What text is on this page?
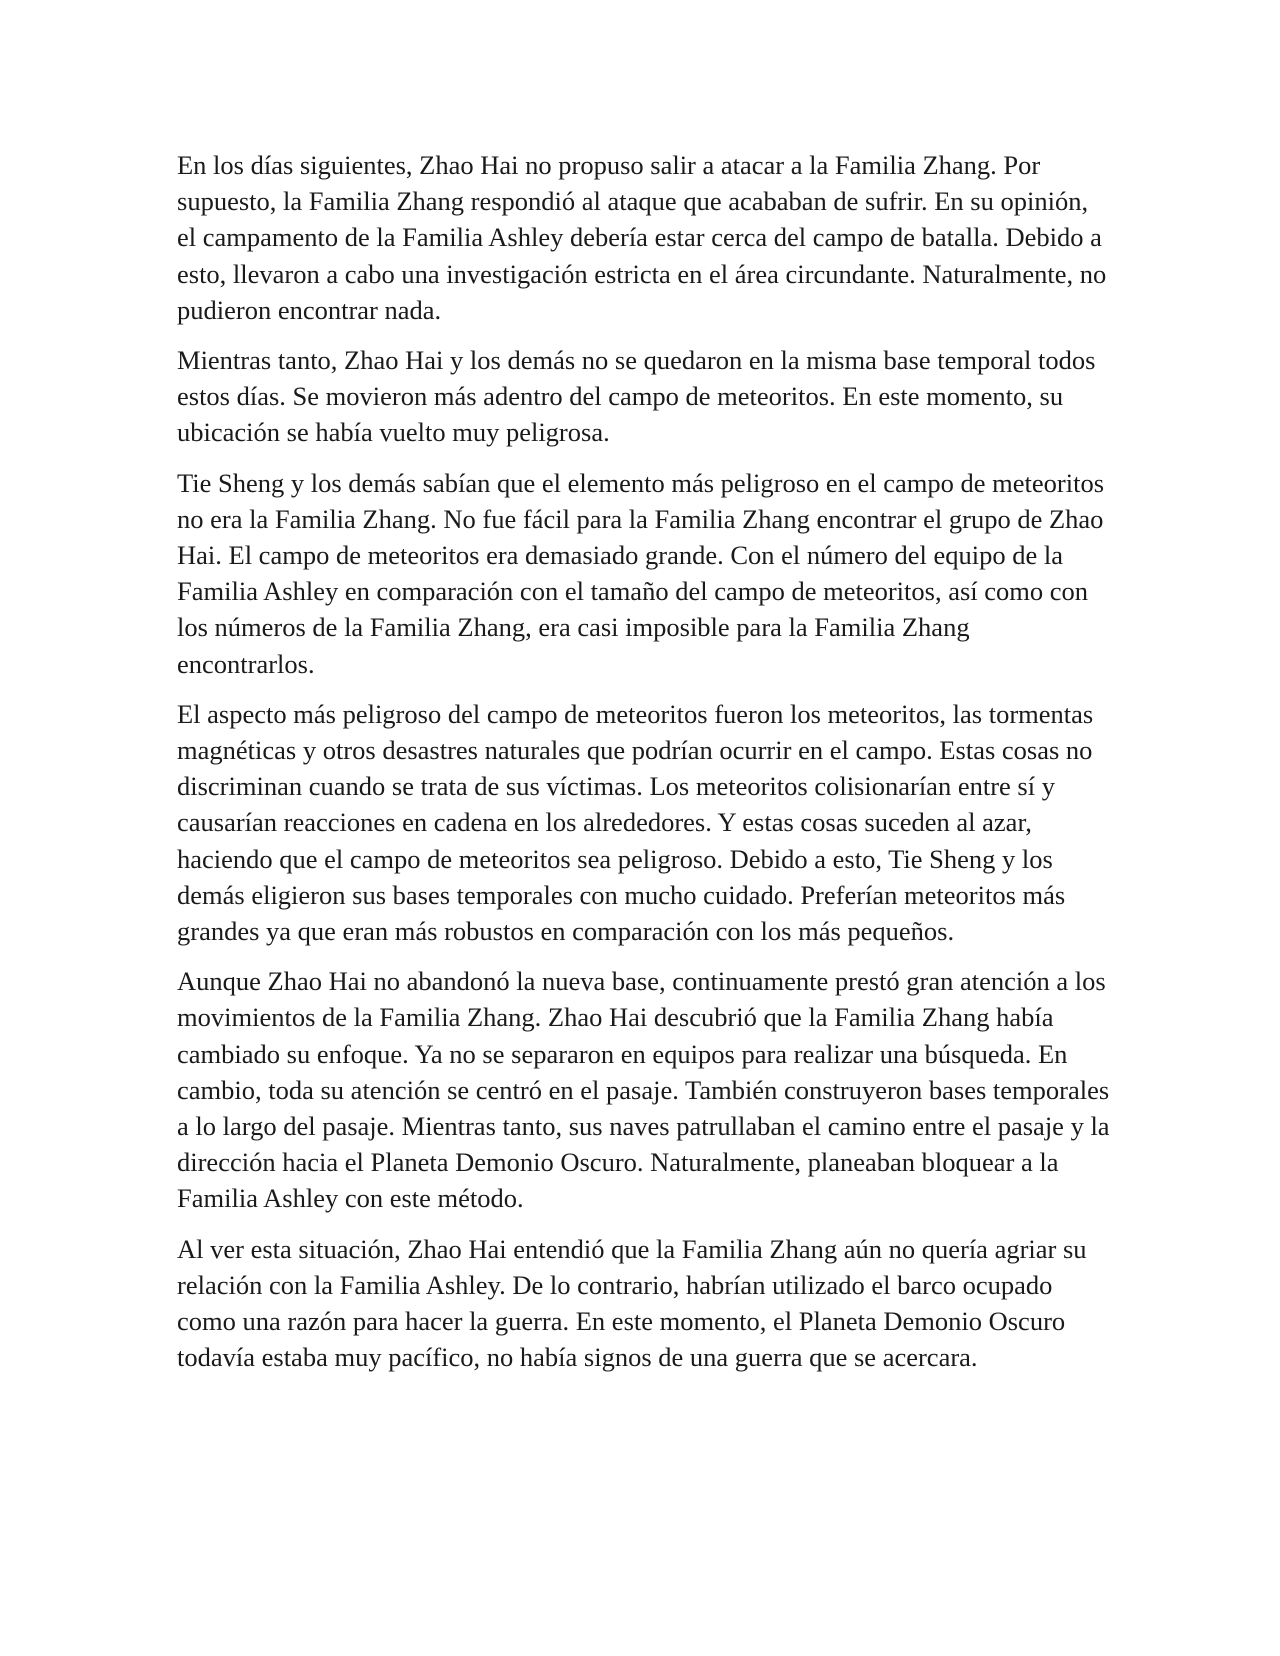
En los días siguientes, Zhao Hai no propuso salir a atacar a la Familia Zhang. Por supuesto, la Familia Zhang respondió al ataque que acababan de sufrir. En su opinión, el campamento de la Familia Ashley debería estar cerca del campo de batalla. Debido a esto, llevaron a cabo una investigación estricta en el área circundante. Naturalmente, no pudieron encontrar nada.

Mientras tanto, Zhao Hai y los demás no se quedaron en la misma base temporal todos estos días. Se movieron más adentro del campo de meteoritos. En este momento, su ubicación se había vuelto muy peligrosa.

Tie Sheng y los demás sabían que el elemento más peligroso en el campo de meteoritos no era la Familia Zhang. No fue fácil para la Familia Zhang encontrar el grupo de Zhao Hai. El campo de meteoritos era demasiado grande. Con el número del equipo de la Familia Ashley en comparación con el tamaño del campo de meteoritos, así como con los números de la Familia Zhang, era casi imposible para la Familia Zhang encontrarlos.

El aspecto más peligroso del campo de meteoritos fueron los meteoritos, las tormentas magnéticas y otros desastres naturales que podrían ocurrir en el campo. Estas cosas no discriminan cuando se trata de sus víctimas. Los meteoritos colisionarían entre sí y causarían reacciones en cadena en los alrededores. Y estas cosas suceden al azar, haciendo que el campo de meteoritos sea peligroso. Debido a esto, Tie Sheng y los demás eligieron sus bases temporales con mucho cuidado. Preferían meteoritos más grandes ya que eran más robustos en comparación con los más pequeños.

Aunque Zhao Hai no abandonó la nueva base, continuamente prestó gran atención a los movimientos de la Familia Zhang. Zhao Hai descubrió que la Familia Zhang había cambiado su enfoque. Ya no se separaron en equipos para realizar una búsqueda. En cambio, toda su atención se centró en el pasaje. También construyeron bases temporales a lo largo del pasaje. Mientras tanto, sus naves patrullaban el camino entre el pasaje y la dirección hacia el Planeta Demonio Oscuro. Naturalmente, planeaban bloquear a la Familia Ashley con este método.

Al ver esta situación, Zhao Hai entendió que la Familia Zhang aún no quería agriar su relación con la Familia Ashley. De lo contrario, habrían utilizado el barco ocupado como una razón para hacer la guerra. En este momento, el Planeta Demonio Oscuro todavía estaba muy pacífico, no había signos de una guerra que se acercara.
